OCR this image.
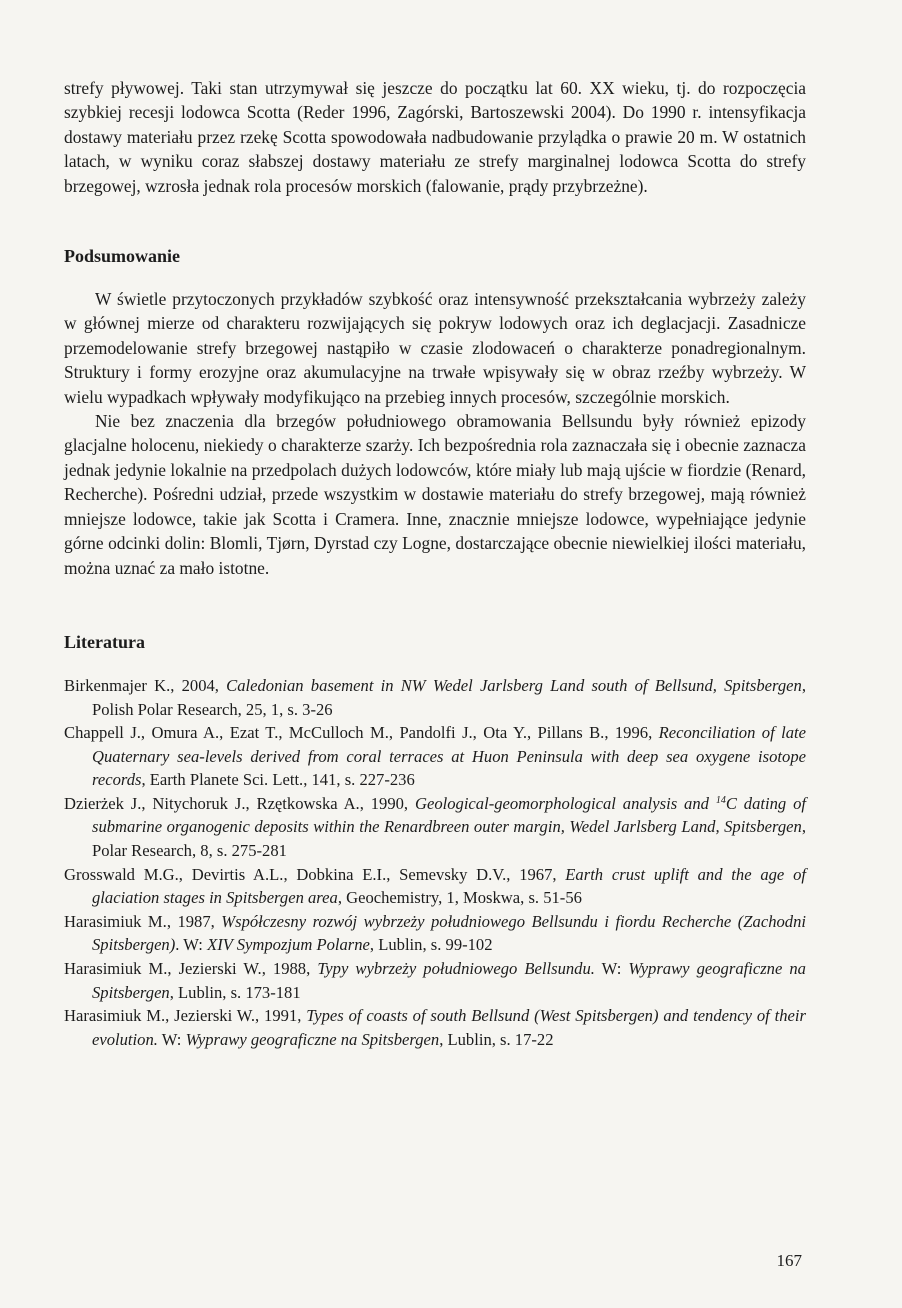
strefy pływowej. Taki stan utrzymywał się jeszcze do początku lat 60. XX wieku, tj. do rozpoczęcia szybkiej recesji lodowca Scotta (Reder 1996, Zagórski, Bartoszewski 2004). Do 1990 r. intensyfikacja dostawy materiału przez rzekę Scotta spowodowała nadbudowanie przylądka o prawie 20 m. W ostatnich latach, w wyniku coraz słabszej dostawy materiału ze strefy marginalnej lodowca Scotta do strefy brzegowej, wzrosła jednak rola procesów morskich (falowanie, prądy przybrzeżne).

Podsumowanie

W świetle przytoczonych przykładów szybkość oraz intensywność przekształcania wybrzeży zależy w głównej mierze od charakteru rozwijających się pokryw lodowych oraz ich deglacjacji. Zasadnicze przemodelowanie strefy brzegowej nastąpiło w czasie zlodowaceń o charakterze ponadregionalnym. Struktury i formy erozyjne oraz akumulacyjne na trwałe wpisywały się w obraz rzeźby wybrzeży. W wielu wypadkach wpływały modyfikująco na przebieg innych procesów, szczególnie morskich.

Nie bez znaczenia dla brzegów południowego obramowania Bellsundu były również epizody glacjalne holocenu, niekiedy o charakterze szarży. Ich bezpośrednia rola zaznaczała się i obecnie zaznacza jednak jedynie lokalnie na przedpolach dużych lodowców, które miały lub mają ujście w fiordzie (Renard, Recherche). Pośredni udział, przede wszystkim w dostawie materiału do strefy brzegowej, mają również mniejsze lodowce, takie jak Scotta i Cramera. Inne, znacznie mniejsze lodowce, wypełniające jedynie górne odcinki dolin: Blomli, Tjørn, Dyrstad czy Logne, dostarczające obecnie niewielkiej ilości materiału, można uznać za mało istotne.

Literatura
Birkenmajer K., 2004, Caledonian basement in NW Wedel Jarlsberg Land south of Bellsund, Spitsbergen, Polish Polar Research, 25, 1, s. 3-26
Chappell J., Omura A., Ezat T., McCulloch M., Pandolfi J., Ota Y., Pillans B., 1996, Reconciliation of late Quaternary sea-levels derived from coral terraces at Huon Peninsula with deep sea oxygene isotope records, Earth Planete Sci. Lett., 141, s. 227-236
Dzierżek J., Nitychoruk J., Rzętkowska A., 1990, Geological-geomorphological analysis and $^{14}$C dating of submarine organogenic deposits within the Renardbreen outer margin, Wedel Jarlsberg Land, Spitsbergen, Polar Research, 8, s. 275-281
Grosswald M.G., Devirtis A.L., Dobkina E.I., Semevsky D.V., 1967, Earth crust uplift and the age of glaciation stages in Spitsbergen area, Geochemistry, 1, Moskwa, s. 51-56
Harasimiuk M., 1987, Współczesny rozwój wybrzeży południowego Bellsundu i fiordu Recherche (Zachodni Spitsbergen). W: XIV Sympozjum Polarne, Lublin, s. 99-102
Harasimiuk M., Jezierski W., 1988, Typy wybrzeży południowego Bellsundu. W: Wyprawy geograficzne na Spitsbergen, Lublin, s. 173-181
Harasimiuk M., Jezierski W., 1991, Types of coasts of south Bellsund (West Spitsbergen) and tendency of their evolution. W: Wyprawy geograficzne na Spitsbergen, Lublin, s. 17-22
167
